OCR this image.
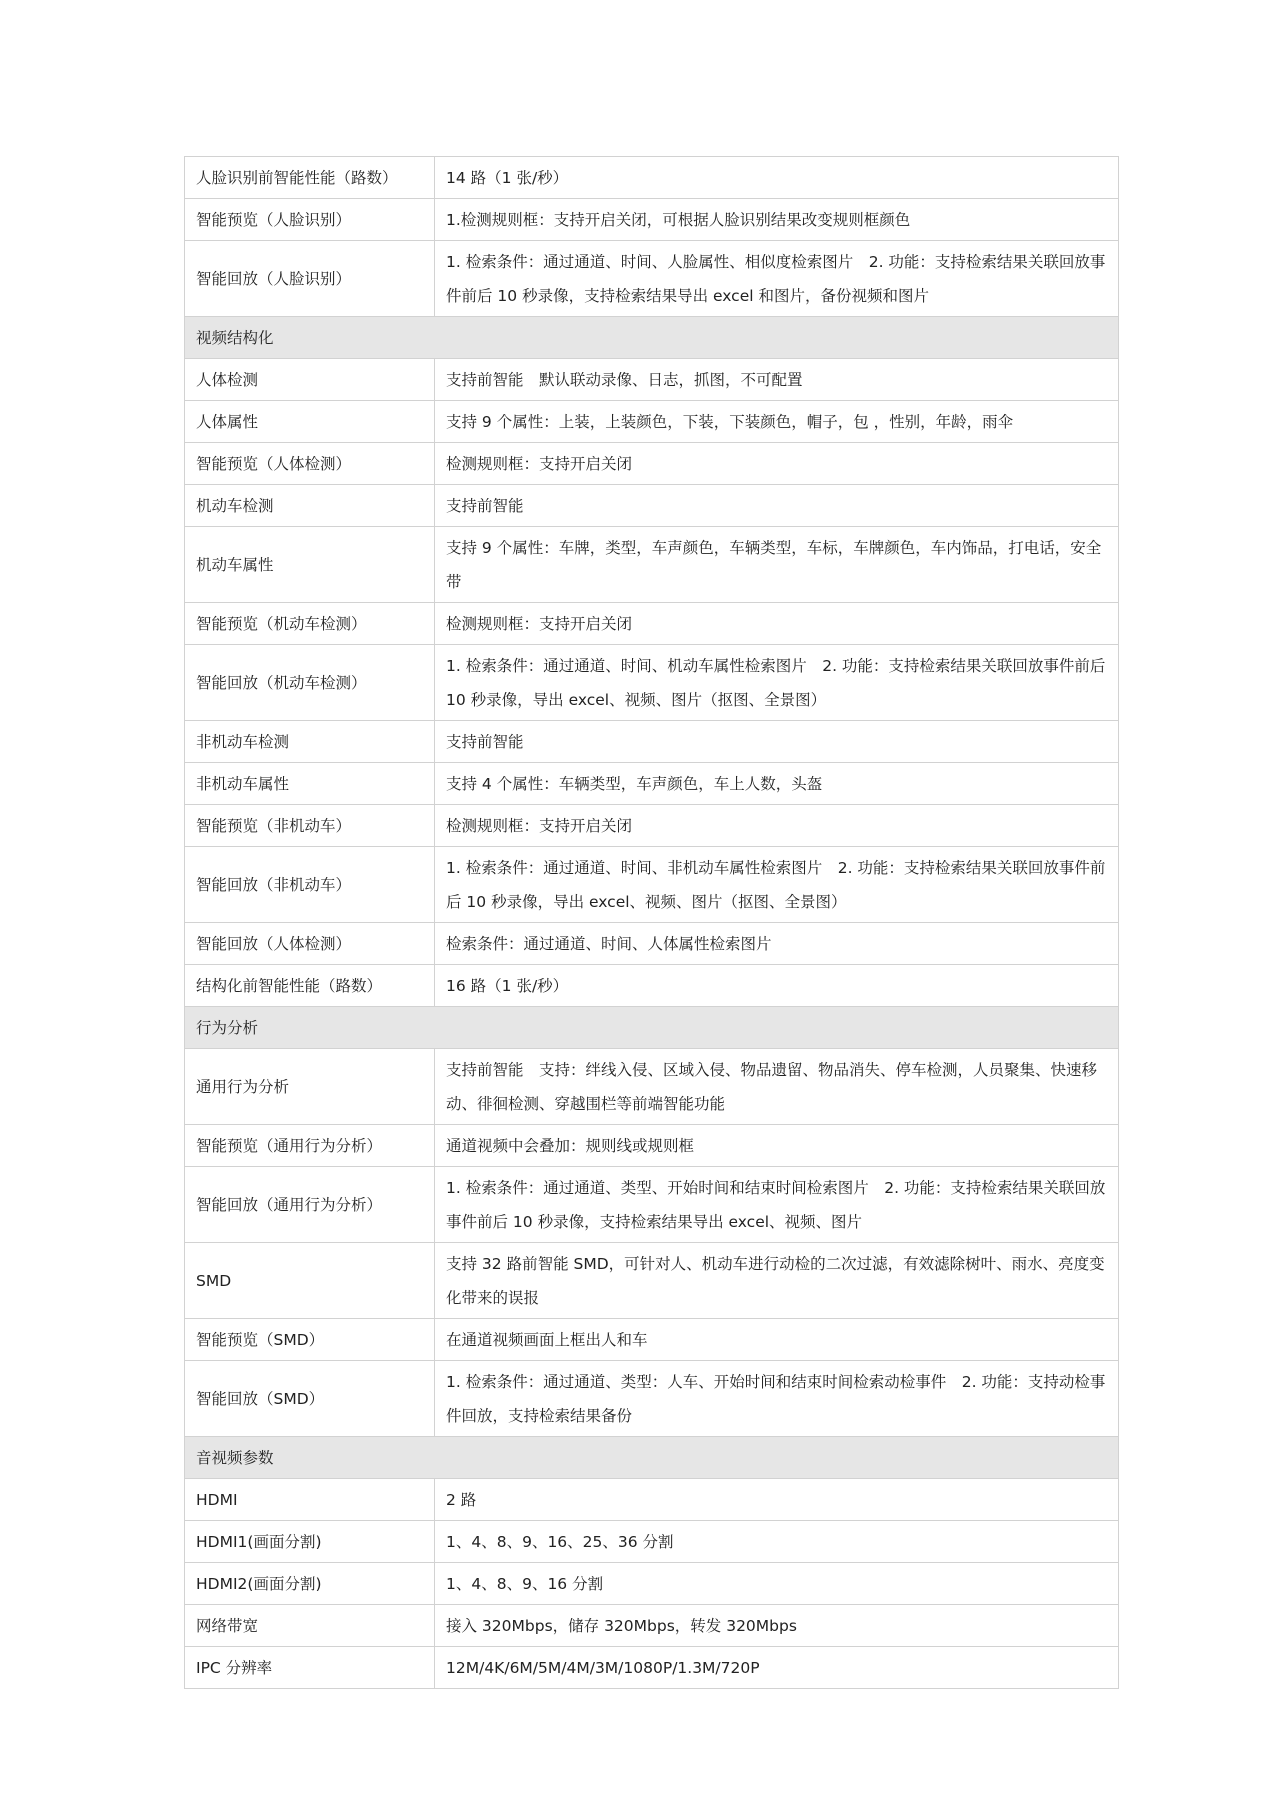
人脸识别前智能性能（路数）	14 路（1 张/秒）
智能预览（人脸识别）	1.检测规则框：支持开启关闭，可根据人脸识别结果改变规则框颜色
智能回放（人脸识别）	1. 检索条件：通过通道、时间、人脸属性、相似度检索图片　2. 功能：支持检索结果关联回放事件前后 10 秒录像，支持检索结果导出 excel 和图片，备份视频和图片
视频结构化	
人体检测	支持前智能　默认联动录像、日志，抓图，不可配置
人体属性	支持 9 个属性：上装，上装颜色，下装，下装颜色，帽子，包 ，性别，年龄，雨伞
智能预览（人体检测）	检测规则框：支持开启关闭
机动车检测	支持前智能
机动车属性	支持 9 个属性：车牌，类型，车声颜色，车辆类型，车标，车牌颜色，车内饰品，打电话，安全带
智能预览（机动车检测）	检测规则框：支持开启关闭
智能回放（机动车检测）	1. 检索条件：通过通道、时间、机动车属性检索图片　2. 功能：支持检索结果关联回放事件前后 10 秒录像，导出 excel、视频、图片（抠图、全景图）
非机动车检测	支持前智能
非机动车属性	支持 4 个属性：车辆类型，车声颜色，车上人数，头盔
智能预览（非机动车）	检测规则框：支持开启关闭
智能回放（非机动车）	1. 检索条件：通过通道、时间、非机动车属性检索图片　2. 功能：支持检索结果关联回放事件前后 10 秒录像，导出 excel、视频、图片（抠图、全景图）
智能回放（人体检测）	检索条件：通过通道、时间、人体属性检索图片
结构化前智能性能（路数）	16 路（1 张/秒）
行为分析	
通用行为分析	支持前智能　支持：绊线入侵、区域入侵、物品遗留、物品消失、停车检测，人员聚集、快速移动、徘徊检测、穿越围栏等前端智能功能
智能预览（通用行为分析）	通道视频中会叠加：规则线或规则框
智能回放（通用行为分析）	1. 检索条件：通过通道、类型、开始时间和结束时间检索图片　2. 功能：支持检索结果关联回放事件前后 10 秒录像，支持检索结果导出 excel、视频、图片
SMD	支持 32 路前智能 SMD，可针对人、机动车进行动检的二次过滤，有效滤除树叶、雨水、亮度变化带来的误报
智能预览（SMD）	在通道视频画面上框出人和车
智能回放（SMD）	1. 检索条件：通过通道、类型：人车、开始时间和结束时间检索动检事件　2. 功能：支持动检事件回放，支持检索结果备份
音视频参数	
HDMI	2 路
HDMI1(画面分割)	1、4、8、9、16、25、36 分割
HDMI2(画面分割)	1、4、8、9、16 分割
网络带宽	接入 320Mbps，储存 320Mbps，转发 320Mbps
IPC 分辨率	12M/4K/6M/5M/4M/3M/1080P/1.3M/720P
